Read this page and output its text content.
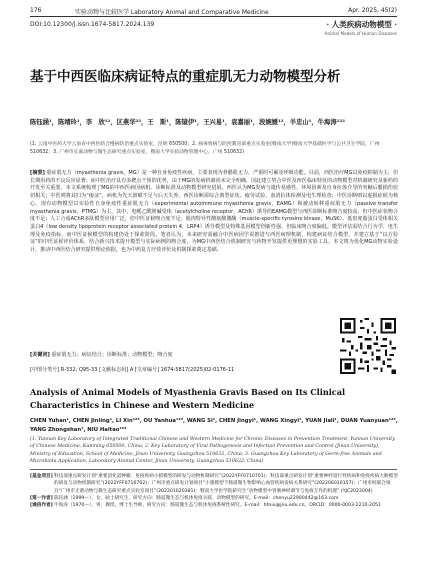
176	实验动物与比较医学 Laboratory Animal and Comparative Medicine	Apr. 2025, 45(2)
DOI:10.12300/j.issn.1674-5817.2024.139	· 人类疾病动物模型 ·
Animal Models of Human Diseases
基于中西医临床病证特点的重症肌无力动物模型分析
陈钰涵¹，陈靖玲¹，李　欣¹²，区燕华²³，王　斯¹，陈镜伊¹，王兴易¹，袁嘉丽¹，段婉媛¹²，羊忠山¹，牛海涛¹²³
(1. 云南中医药大学云南省中西医结合慢病防治重点实验室，昆明 650500；2. 病毒致病与防控教育部重点实验室(暨南大学)暨南大学基础医学与公共卫生学院，广州 510632；3. 广州市长嘉动物与微生态研究重点实验室，暨南大学实验动物管理中心，广州 510632)
[摘要] 重症肌无力（myasthenia gravis，MG）是一种自身免疫性疾病，主要表现为骨骼肌无力，严重时可累及呼吸功能。目前，西医治疗MG以免疫抑制为主，但长期用药的不良反应显著；而中医治疗具有多靶点干预的优势，由于MG的发病机制尚未完全明确，因此建立契合中医及西医临床特征的动物模型对机制研究及新药的开发至关重要。本文系统梳理了MG的中西医病因病机、诊断标准及动物模型研究进展。西医认为MG发病与遗传易感性、环境因素及自身抗体介导的突触后膜损伤密切相关；中医则将其归为“痿证”，病机为先天禀赋不足与后天失养，西医诊断需综合典型症状、疲劳试验、血清抗体检测及电生理检查；中医诊断则以虚损症候为核心。现有动物模型以实验性自身免疫性重症肌无力（experimental autoimmune myasthenia gravis，EAMG）和被动转移重症肌无力（passive transfer myasthenia gravis，PTMG）为主。其中，电鳐乙酰胆碱受体（acetylcholine receptor，AChR）诱导的EAMG模型与西医诊断标准吻合度较高，但中医症状吻合度不足；人工合成AChR多肽模型应用广泛，但中医证候吻合度不足；肌肉特异性酪氨酸激酶（muscle-specific tyrosine kinase，MuSK）、低密度脂蛋白受体相关蛋白4（low density lipoprotein receptor associated protein 4，LRP4）诱导模型及特殊基因模型创新性强，但临床吻合度偏低。模型评估需结合行为学、电生理及免疫指标，而中医证候模型的构建仍处于探索阶段。笔者认为，未来研究需融合中医病因学说推进与西医病理机制，构建病证结合模型，并建立基于“以方验证”的中医证候评价体系，结合新兴技术提升模型与实际病例的吻合度，为MG中西医结合机制研究与药物开发提供更理想的实验工具。本文将为优化MG动物实验设计，推动中西医结合研究提供理论依据，也为中药复方疗效评价及机制探索奠定基础。
[关键词] 重症肌无力；病证结合；诊断标准；动物模型；吻合度
[中图分类号] R-332; Q95-33 [文献标志码] A [文章编号] 1674-5817(2025)02-0176-11
Analysis of Animal Models of Myasthenia Gravis Based on Its Clinical Characteristics in Chinese and Western Medicine
CHEN Yuhan¹, CHEN Jinling¹, LI Xin¹²³, OU Yanhua¹²³, WANG Si¹, CHEN Jingyi¹, WANG Xingyi¹, YUAN Jiali¹, DUAN Yuanyuan¹²³, YANG Zhongshan¹, NIU Haitao¹²³
(1. Yunnan Key Laboratory of Integrated Traditional Chinese and Western Medicine for Chronic Diseases in Prevention Treatment, Yunnan University of Chinese Medicine, Kunming 650500, China; 2. Key Laboratory of Viral Pathogenesis and Infection Prevention and Control (Jinan University), Ministry of Education, School of Medicine, Jinan University, Guangzhou 510632, China; 3. Guangzhou Key Laboratory of Germ-free Animals and Microbiota Application, Laboratory Animal Center, Jinan University, Guangzhou 510632, China)
[基金项目] 科技部重点研发计划“重要消化道肿瘤、免疫疾病小猪模型的研发与动物机制研究”(2022YFF0710701)；科技部重点研发计划“重要神经退行性疾病和免疫疾病大猴模型的研发与动物机制研究”(2022YFF0710702)；广州市重点研发计划项目“小猪模型下肠道微生物影响心血管疾病发病关系研究”(202206010157)；广州市校联合项目“广州市无菌动物与微生态研究重点实验室项目”(202201020381)；暨南大学医学院研究生“动物模型中胃肠神经调节与免疫互作的机理” (YJC2022004)
[第一作者] 陈钰涵（1999—），女，硕士研究生，研究方向：肠道微生态与机体免疫关联、动物模型的研究。E-mail：chenyu22900442@163.com
[通信作者] 牛海涛（1970—），男，教授，博士生导师，研究方向：肠道微生态与机体免疫系统性研究。E-mail：htniu@jnu.edu.cn。ORCID：0000-0003-2210-2051
